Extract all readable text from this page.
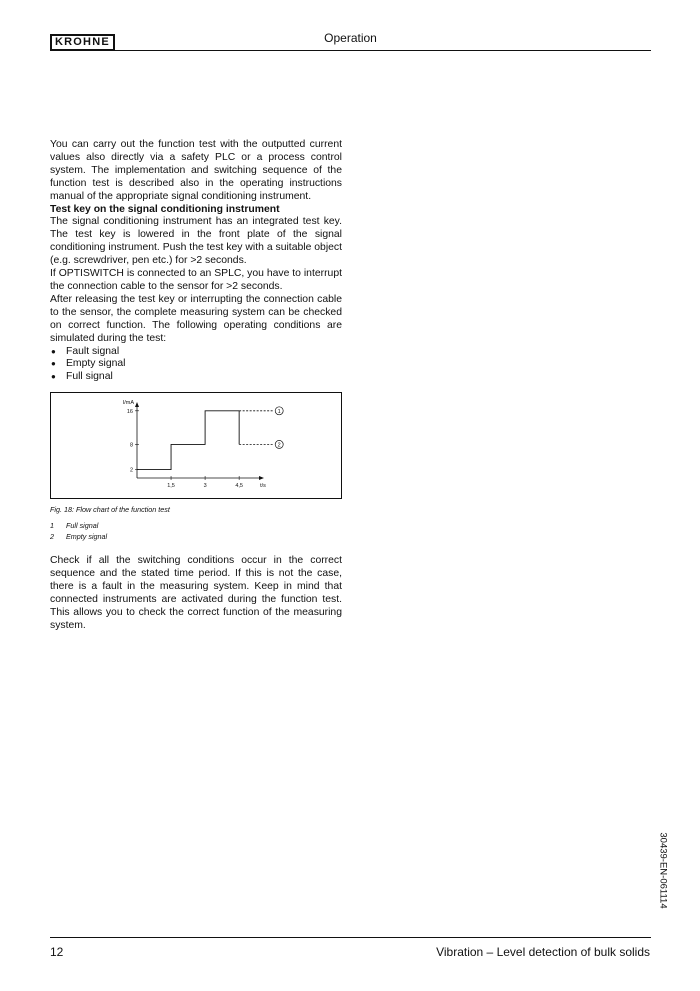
KROHNE	Operation

You can carry out the function test with the outputted current values also directly via a safety PLC or a process control system. The implementation and switching sequence of the function test is described also in the operating instructions manual of the appropriate signal conditioning instrument.

Test key on the signal conditioning instrument

The signal conditioning instrument has an integrated test key. The test key is lowered in the front plate of the signal conditioning instrument. Push the test key with a suitable object (e.g. screwdriver, pen etc.) for >2 seconds.

If OPTISWITCH is connected to an SPLC, you have to interrupt the connection cable to the sensor for >2 seconds.

After releasing the test key or interrupting the connection cable to the sensor, the complete measuring system can be checked on correct function. The following operating conditions are simulated during the test:

● Fault signal
● Empty signal
● Full signal
I/mA
t/s
2
8
16
1,5	3	4,5
1
2
Fig. 18: Flow chart of the function test
1 Full signal
2 Empty signal

Check if all the switching conditions occur in the correct sequence and the stated time period. If this is not the case, there is a fault in the measuring system. Keep in mind that connected instruments are activated during the function test. This allows you to check the correct function of the measuring system.

30439-EN-061114
12	Vibration – Level detection of bulk solids
